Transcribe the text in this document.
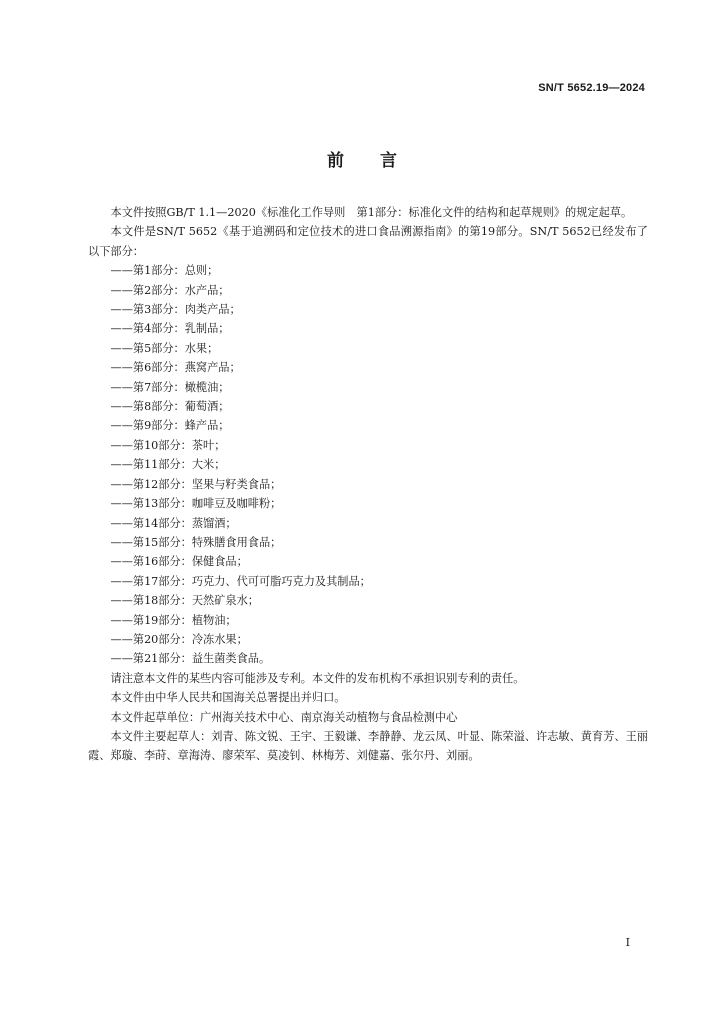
SN/T 5652.19—2024
前 言

本文件按照GB/T 1.1—2020《标准化工作导则　第1部分：标准化文件的结构和起草规则》的规定起草。

本文件是SN/T 5652《基于追溯码和定位技术的进口食品溯源指南》的第19部分。SN/T 5652已经发布了以下部分：

——第1部分：总则；

——第2部分：水产品；

——第3部分：肉类产品；

——第4部分：乳制品；

——第5部分：水果；

——第6部分：燕窝产品；

——第7部分：橄榄油；

——第8部分：葡萄酒；

——第9部分：蜂产品；

——第10部分：茶叶；

——第11部分：大米；

——第12部分：坚果与籽类食品；

——第13部分：咖啡豆及咖啡粉；

——第14部分：蒸馏酒；

——第15部分：特殊膳食用食品；

——第16部分：保健食品；

——第17部分：巧克力、代可可脂巧克力及其制品；

——第18部分：天然矿泉水；

——第19部分：植物油；

——第20部分：冷冻水果；

——第21部分：益生菌类食品。

请注意本文件的某些内容可能涉及专利。本文件的发布机构不承担识别专利的责任。

本文件由中华人民共和国海关总署提出并归口。

本文件起草单位：广州海关技术中心、南京海关动植物与食品检测中心

本文件主要起草人：刘青、陈文锐、王宇、王毅谦、李静静、龙云凤、叶显、陈荣溢、许志敏、黄育芳、王丽霞、郑璇、李莳、章海涛、廖荣军、莫凌钊、林梅芳、刘健嘉、张尔丹、刘丽。

I
